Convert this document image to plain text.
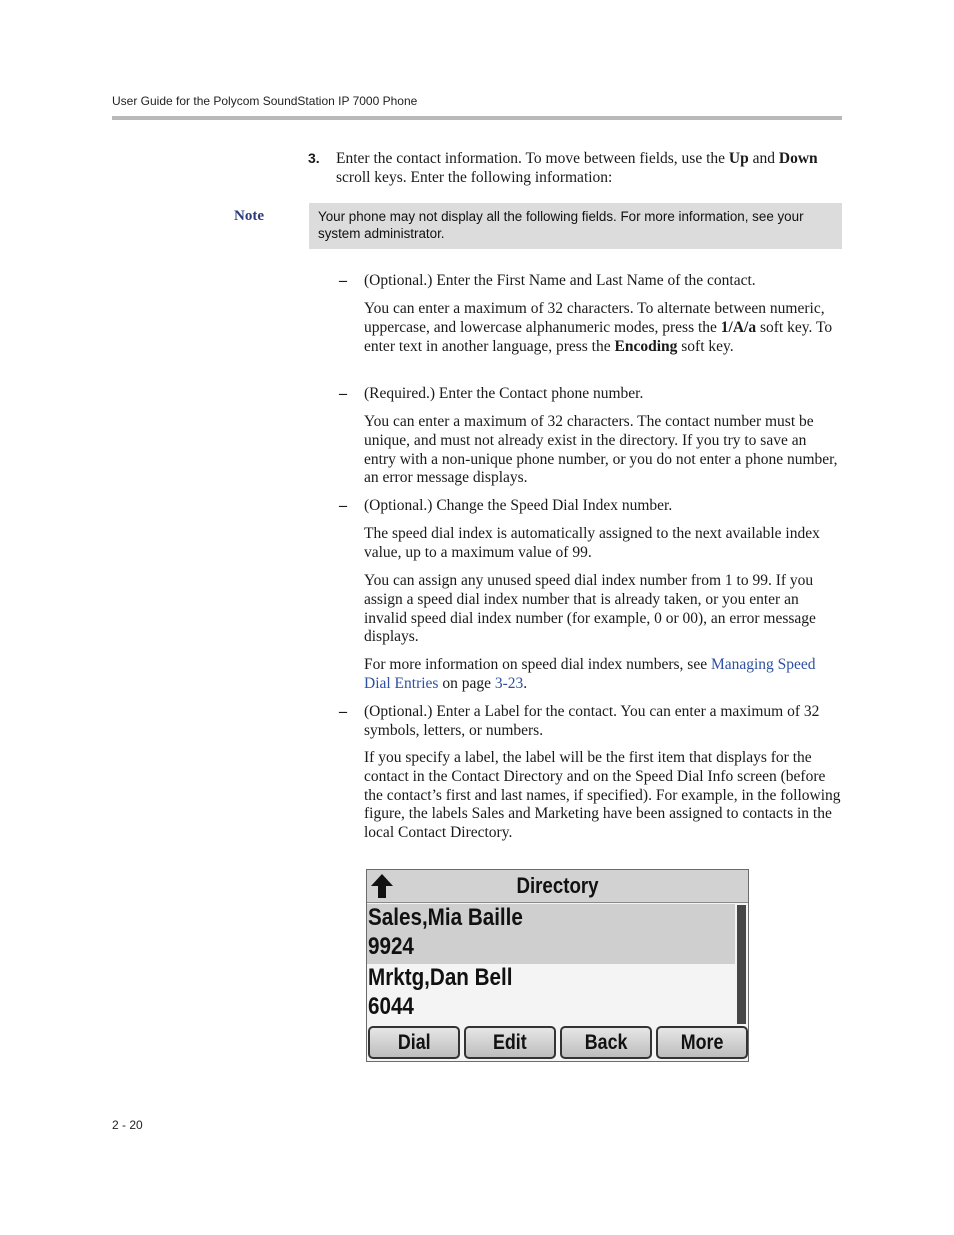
User Guide for the Polycom SoundStation IP 7000 Phone
3. Enter the contact information. To move between fields, use the Up and Down scroll keys. Enter the following information:
Note	Your phone may not display all the following fields. For more information, see your system administrator.
– (Optional.) Enter the First Name and Last Name of the contact.
You can enter a maximum of 32 characters. To alternate between numeric, uppercase, and lowercase alphanumeric modes, press the 1/A/a soft key. To enter text in another language, press the Encoding soft key.
– (Required.) Enter the Contact phone number.
You can enter a maximum of 32 characters. The contact number must be unique, and must not already exist in the directory. If you try to save an entry with a non-unique phone number, or you do not enter a phone number, an error message displays.
– (Optional.) Change the Speed Dial Index number.
The speed dial index is automatically assigned to the next available index value, up to a maximum value of 99.
You can assign any unused speed dial index number from 1 to 99. If you assign a speed dial index number that is already taken, or you enter an invalid speed dial index number (for example, 0 or 00), an error message displays.
For more information on speed dial index numbers, see Managing Speed Dial Entries on page 3-23.
– (Optional.) Enter a Label for the contact. You can enter a maximum of 32 symbols, letters, or numbers.
If you specify a label, the label will be the first item that displays for the contact in the Contact Directory and on the Speed Dial Info screen (before the contact’s first and last names, if specified). For example, in the following figure, the labels Sales and Marketing have been assigned to contacts in the local Contact Directory.
Directory
Sales,Mia Baille
9924
Mrktg,Dan Bell
6044
Dial	Edit	Back	More
2 - 20
